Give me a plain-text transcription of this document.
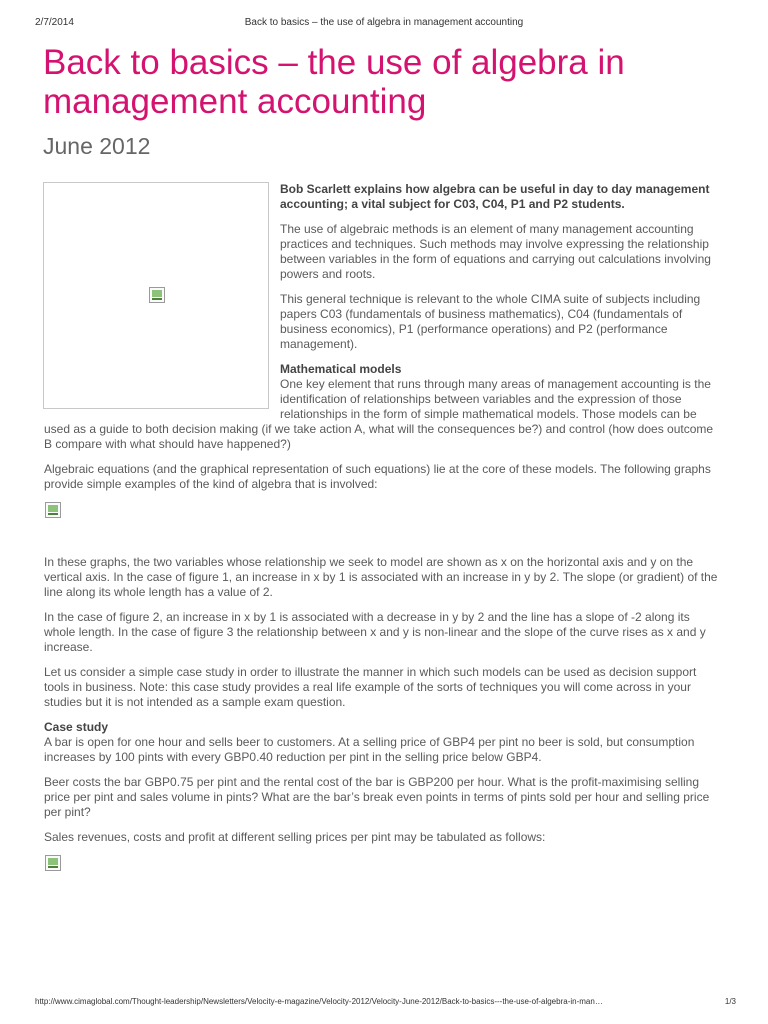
2/7/2014	Back to basics – the use of algebra in management accounting
Back to basics – the use of algebra in management accounting
June 2012

Bob Scarlett explains how algebra can be useful in day to day management accounting; a vital subject for C03, C04, P1 and P2 students.

The use of algebraic methods is an element of many management accounting practices and techniques. Such methods may involve expressing the relationship between variables in the form of equations and carrying out calculations involving powers and roots.

This general technique is relevant to the whole CIMA suite of subjects including papers C03 (fundamentals of business mathematics), C04 (fundamentals of business economics), P1 (performance operations) and P2 (performance management).

Mathematical models
One key element that runs through many areas of management accounting is the identification of relationships between variables and the expression of those relationships in the form of simple mathematical models. Those models can be used as a guide to both decision making (if we take action A, what will the consequences be?) and control (how does outcome B compare with what should have happened?)

Algebraic equations (and the graphical representation of such equations) lie at the core of these models. The following graphs provide simple examples of the kind of algebra that is involved:

In these graphs, the two variables whose relationship we seek to model are shown as x on the horizontal axis and y on the vertical axis. In the case of figure 1, an increase in x by 1 is associated with an increase in y by 2. The slope (or gradient) of the line along its whole length has a value of 2.

In the case of figure 2, an increase in x by 1 is associated with a decrease in y by 2 and the line has a slope of -2 along its whole length. In the case of figure 3 the relationship between x and y is non-linear and the slope of the curve rises as x and y increase.

Let us consider a simple case study in order to illustrate the manner in which such models can be used as decision support tools in business. Note: this case study provides a real life example of the sorts of techniques you will come across in your studies but it is not intended as a sample exam question.

Case study
A bar is open for one hour and sells beer to customers. At a selling price of GBP4 per pint no beer is sold, but consumption increases by 100 pints with every GBP0.40 reduction per pint in the selling price below GBP4.

Beer costs the bar GBP0.75 per pint and the rental cost of the bar is GBP200 per hour. What is the profit-maximising selling price per pint and sales volume in pints? What are the bar’s break even points in terms of pints sold per hour and selling price per pint?

Sales revenues, costs and profit at different selling prices per pint may be tabulated as follows:

http://www.cimaglobal.com/Thought-leadership/Newsletters/Velocity-e-magazine/Velocity-2012/Velocity-June-2012/Back-to-basics---the-use-of-algebra-in-man…	1/3
